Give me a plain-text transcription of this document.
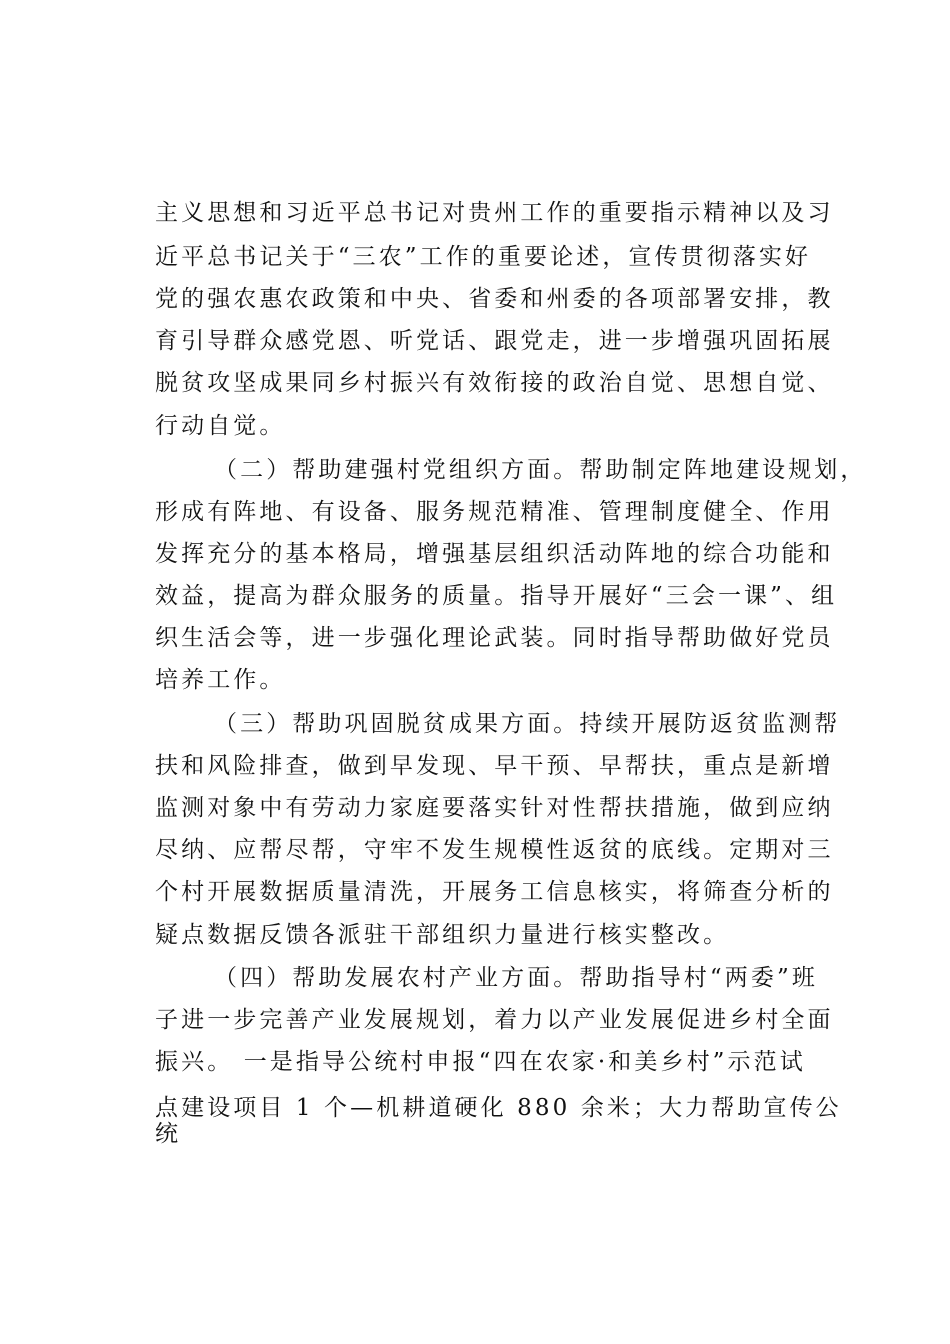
主义思想和习近平总书记对贵州工作的重要指示精神以及习
近平总书记关于“三农”工作的重要论述，宣传贯彻落实好
党的强农惠农政策和中央、省委和州委的各项部署安排，教
育引导群众感党恩、听党话、跟党走，进一步增强巩固拓展
脱贫攻坚成果同乡村振兴有效衔接的政治自觉、思想自觉、
行动自觉。
（二）帮助建强村党组织方面。帮助制定阵地建设规划，
形成有阵地、有设备、服务规范精准、管理制度健全、作用
发挥充分的基本格局，增强基层组织活动阵地的综合功能和
效益，提高为群众服务的质量。指导开展好“三会一课”、组
织生活会等，进一步强化理论武装。同时指导帮助做好党员
培养工作。
（三）帮助巩固脱贫成果方面。持续开展防返贫监测帮
扶和风险排查，做到早发现、早干预、早帮扶，重点是新增
监测对象中有劳动力家庭要落实针对性帮扶措施，做到应纳
尽纳、应帮尽帮，守牢不发生规模性返贫的底线。定期对三
个村开展数据质量清洗，开展务工信息核实，将筛查分析的
疑点数据反馈各派驻干部组织力量进行核实整改。
（四）帮助发展农村产业方面。帮助指导村“两委”班
子进一步完善产业发展规划，着力以产业发展促进乡村全面
振兴。 一是指导公统村申报“四在农家·和美乡村”示范试
点建设项目 1 个—机耕道硬化 880 余米；大力帮助宣传公
统
